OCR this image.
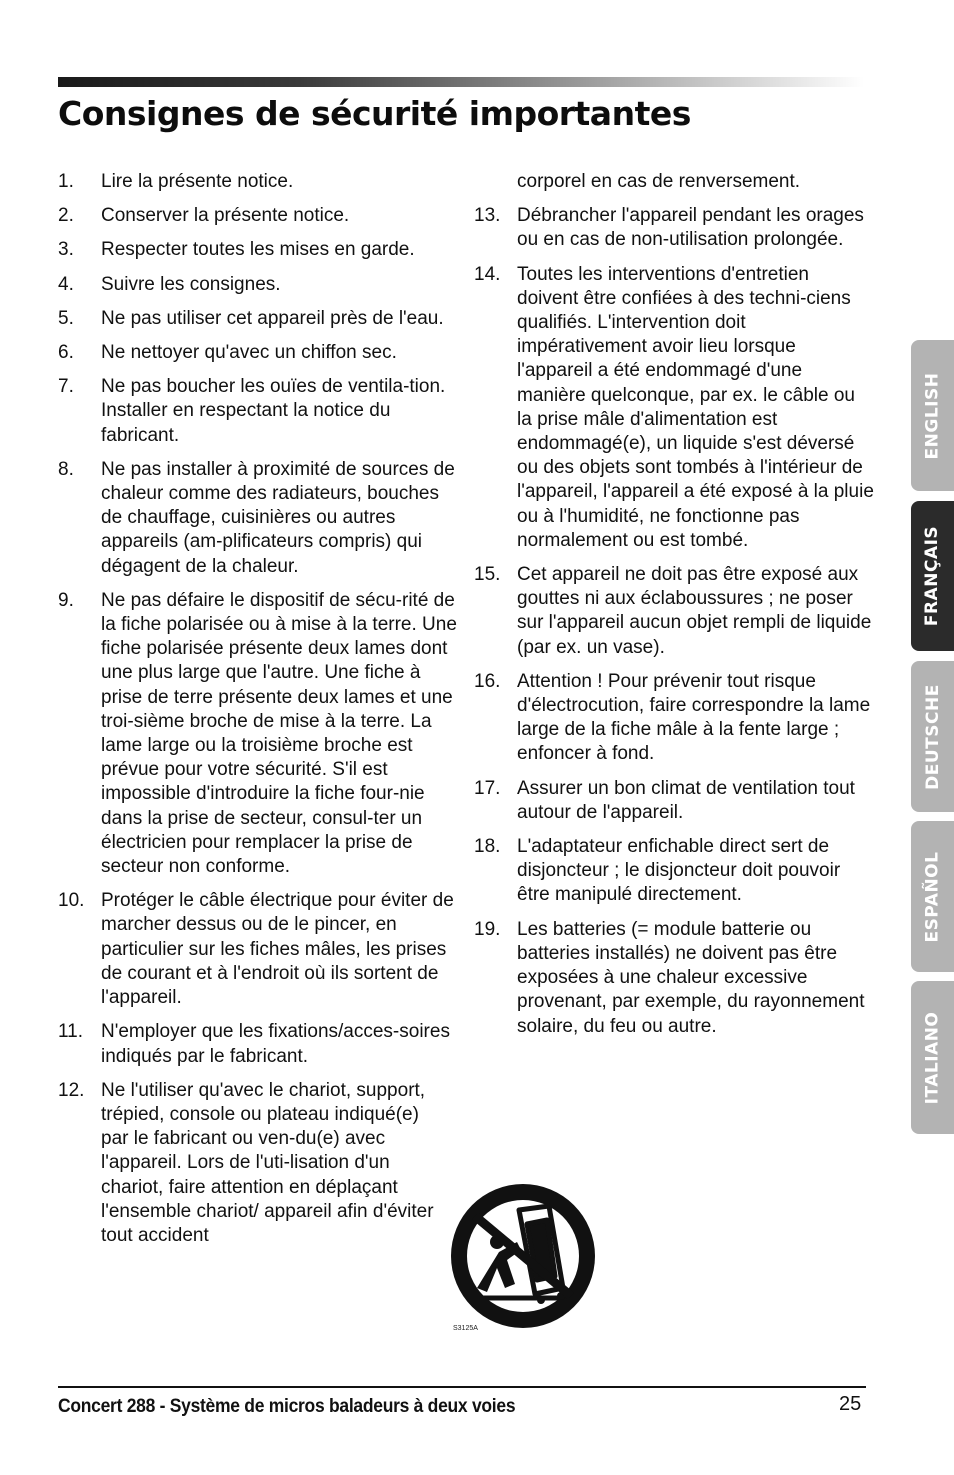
Consignes de sécurité importantes
1. Lire la présente notice.
2. Conserver la présente notice.
3. Respecter toutes les mises en garde.
4. Suivre les consignes.
5. Ne pas utiliser cet appareil près de l'eau.
6. Ne nettoyer qu'avec un chiffon sec.
7. Ne pas boucher les ouïes de ventila-tion. Installer en respectant la notice du fabricant.
8. Ne pas installer à proximité de sources de chaleur comme des radiateurs, bouches de chauffage, cuisinières ou autres appareils (am-plificateurs compris) qui dégagent de la chaleur.
9. Ne pas défaire le dispositif de sécu-rité de la fiche polarisée ou à mise à la terre. Une fiche polarisée présente deux lames dont une plus large que l'autre. Une fiche à prise de terre présente deux lames et une troi-sième broche de mise à la terre. La lame large ou la troisième broche est prévue pour votre sécurité. S'il est impossible d'introduire la fiche four-nie dans la prise de secteur, consul-ter un électricien pour remplacer la prise de secteur non conforme.
10. Protéger le câble électrique pour éviter de marcher dessus ou de le pincer, en particulier sur les fiches mâles, les prises de courant et à l'endroit où ils sortent de l'appareil.
11. N'employer que les fixations/acces-soires indiqués par le fabricant.
12. Ne l'utiliser qu'avec le chariot, support, trépied, console ou plateau indiqué(e) par le fabricant ou ven-du(e) avec l'appareil. Lors de l'uti-lisation d'un chariot, faire attention en déplaçant l'ensemble chariot/ appareil afin d'éviter tout accident
corporel en cas de renversement.
13. Débrancher l'appareil pendant les orages ou en cas de non-utilisation prolongée.
14. Toutes les interventions d'entretien doivent être confiées à des techni-ciens qualifiés. L'intervention doit impérativement avoir lieu lorsque l'appareil a été endommagé d'une manière quelconque, par ex. le câble ou la prise mâle d'alimentation est endommagé(e), un liquide s'est déversé ou des objets sont tombés à l'intérieur de l'appareil, l'appareil a été exposé à la pluie ou à l'humidité, ne fonctionne pas normalement ou est tombé.
15. Cet appareil ne doit pas être exposé aux gouttes ni aux éclaboussures ; ne poser sur l'appareil aucun objet rempli de liquide (par ex. un vase).
16. Attention ! Pour prévenir tout risque d'électrocution, faire correspondre la lame large de la fiche mâle à la fente large ; enfoncer à fond.
17. Assurer un bon climat de ventilation tout autour de l'appareil.
18. L'adaptateur enfichable direct sert de disjoncteur ; le disjoncteur doit pouvoir être manipulé directement.
19. Les batteries (= module batterie ou batteries installés) ne doivent pas être exposées à une chaleur excessive provenant, par exemple, du rayonnement solaire, du feu ou autre.
S3125A
ENGLISH
FRANÇAIS
DEUTSCHE
ESPAÑOL
ITALIANO
Concert 288 - Système de micros baladeurs à deux voies	25
